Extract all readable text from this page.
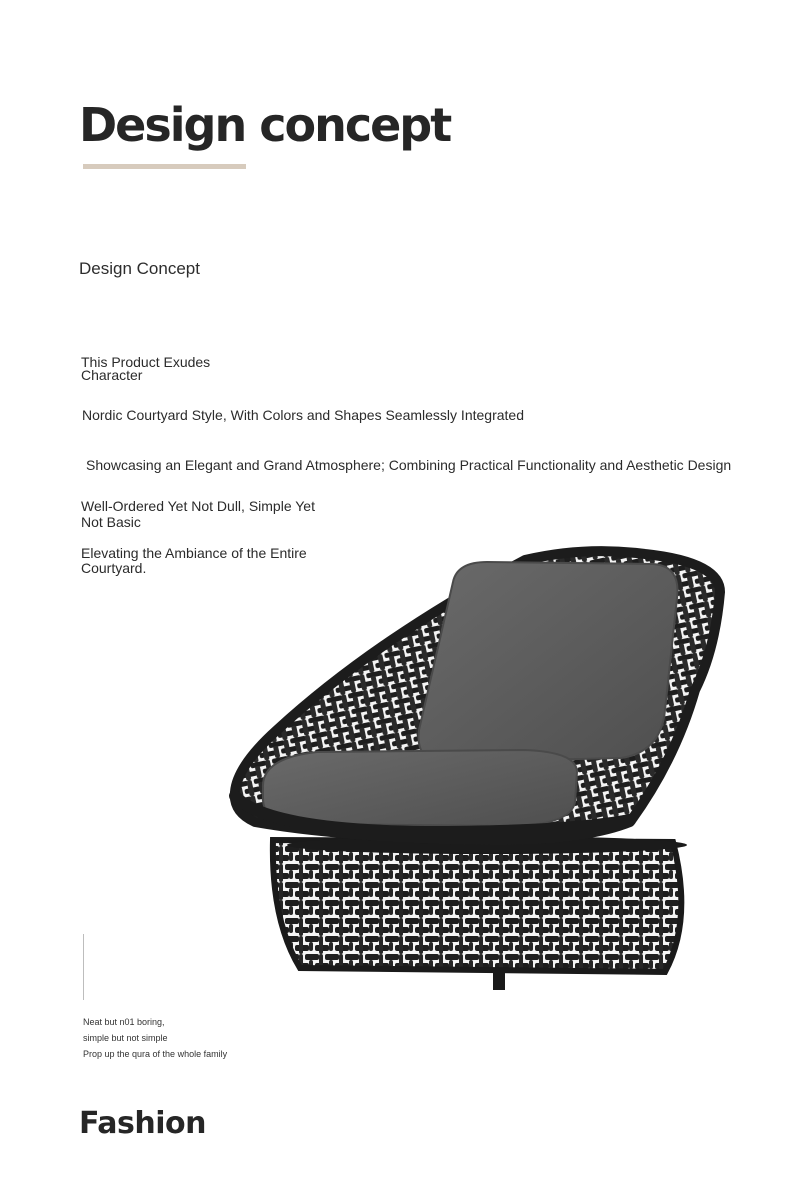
Design concept
Design Concept
This Product Exudes
Character
Nordic Courtyard Style, With Colors and Shapes Seamlessly Integrated
Showcasing an Elegant and Grand Atmosphere; Combining Practical Functionality and Aesthetic Design
Well-Ordered Yet Not Dull, Simple Yet
Not Basic
Elevating the Ambiance of the Entire
Courtyard.
Neat but n01 boring,
simple but not simple
Prop up the qura of the whole family
Fashion
